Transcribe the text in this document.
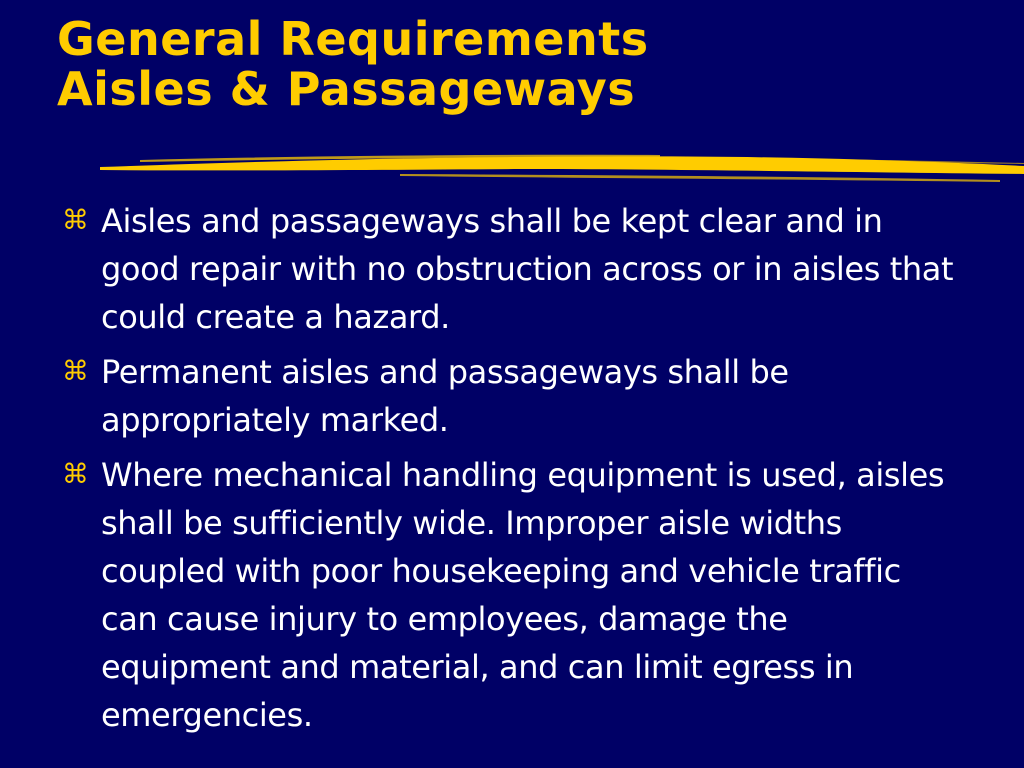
General Requirements
Aisles & Passageways
⌘ Aisles and passageways shall be kept clear and in good repair with no obstruction across or in aisles that could create a hazard.
⌘ Permanent aisles and passageways shall be appropriately marked.
⌘ Where mechanical handling equipment is used, aisles shall be sufficiently wide. Improper aisle widths coupled with poor housekeeping and vehicle traffic can cause injury to employees, damage the equipment and material, and can limit egress in emergencies.
